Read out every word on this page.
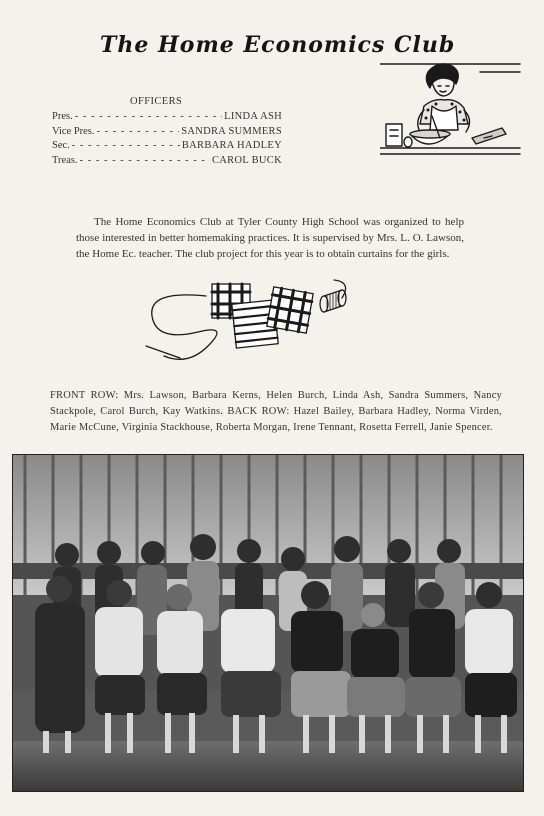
The Home Economics Club
OFFICERS
Pres. - - -	LINDA ASH
Vice Pres. - - -	SANDRA SUMMERS
Sec. - - -	BARBARA HADLEY
Treas. - - -	CAROL BUCK
The Home Economics Club at Tyler County High School was organized to help those interested in better homemaking practices. It is supervised by Mrs. L. O. Lawson, the Home Ec. teacher. The club project for this year is to obtain curtains for the girls.
FRONT ROW: Mrs. Lawson, Barbara Kerns, Helen Burch, Linda Ash, Sandra Summers, Nancy Stackpole, Carol Burch, Kay Watkins. BACK ROW: Hazel Bailey, Barbara Hadley, Norma Virden, Marie McCune, Virginia Stackhouse, Roberta Morgan, Irene Tennant, Rosetta Ferrell, Janie Spencer.
